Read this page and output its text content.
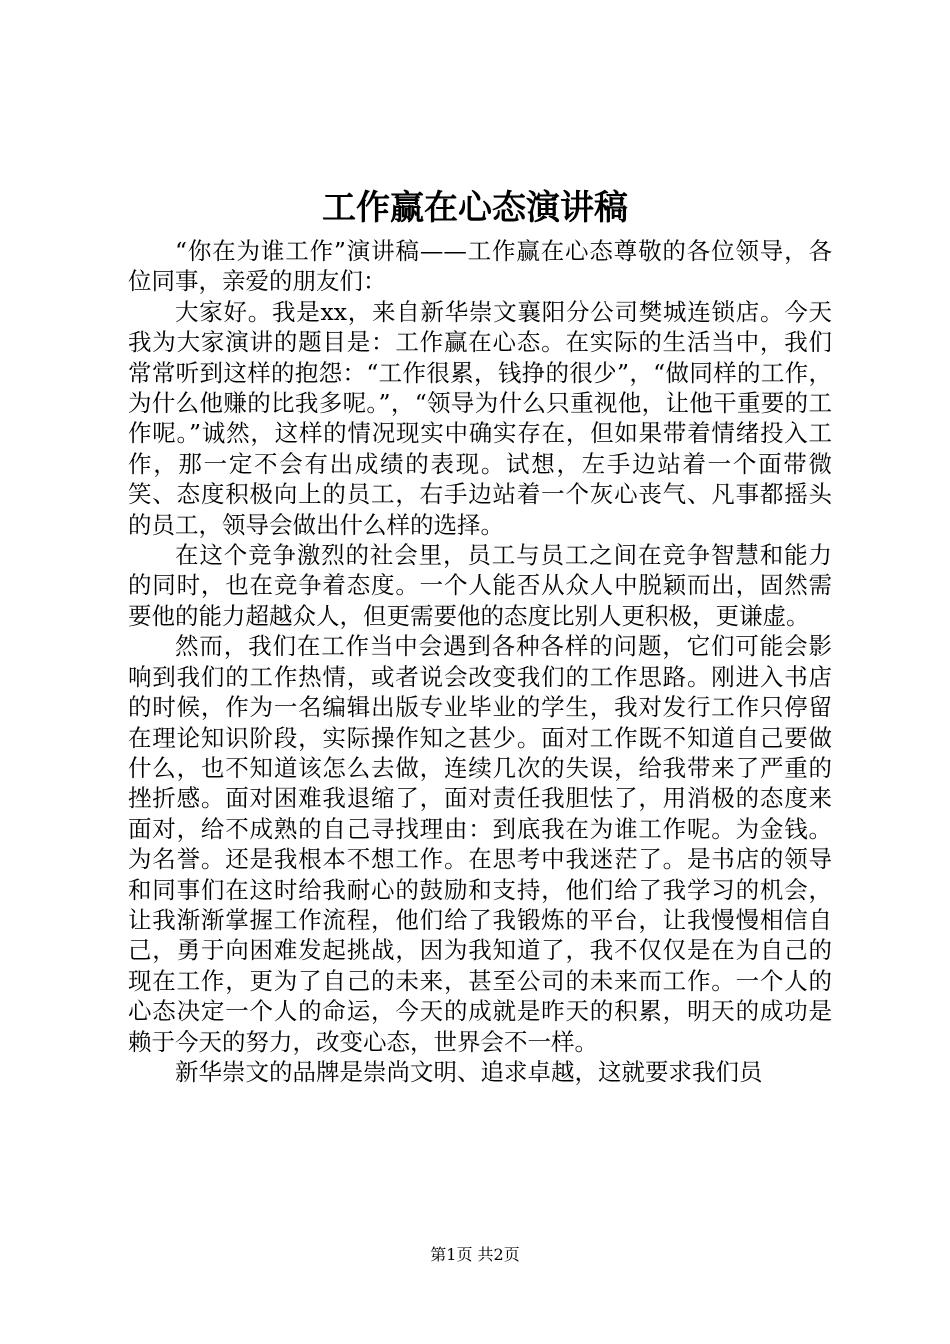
工作赢在心态演讲稿

“你在为谁工作”演讲稿——工作赢在心态尊敬的各位领导，各位同事，亲爱的朋友们：

大家好。我是xx，来自新华崇文襄阳分公司樊城连锁店。今天我为大家演讲的题目是：工作赢在心态。在实际的生活当中，我们常常听到这样的抱怨：“工作很累，钱挣的很少”，“做同样的工作，为什么他赚的比我多呢。”，“领导为什么只重视他，让他干重要的工作呢。”诚然，这样的情况现实中确实存在，但如果带着情绪投入工作，那一定不会有出成绩的表现。试想，左手边站着一个面带微笑、态度积极向上的员工，右手边站着一个灰心丧气、凡事都摇头的员工，领导会做出什么样的选择。

在这个竞争激烈的社会里，员工与员工之间在竞争智慧和能力的同时，也在竞争着态度。一个人能否从众人中脱颖而出，固然需要他的能力超越众人，但更需要他的态度比别人更积极，更谦虚。

然而，我们在工作当中会遇到各种各样的问题，它们可能会影响到我们的工作热情，或者说会改变我们的工作思路。刚进入书店的时候，作为一名编辑出版专业毕业的学生，我对发行工作只停留在理论知识阶段，实际操作知之甚少。面对工作既不知道自己要做什么，也不知道该怎么去做，连续几次的失误，给我带来了严重的挫折感。面对困难我退缩了，面对责任我胆怯了，用消极的态度来面对，给不成熟的自己寻找理由：到底我在为谁工作呢。为金钱。为名誉。还是我根本不想工作。在思考中我迷茫了。是书店的领导和同事们在这时给我耐心的鼓励和支持，他们给了我学习的机会，让我渐渐掌握工作流程，他们给了我锻炼的平台，让我慢慢相信自己，勇于向困难发起挑战，因为我知道了，我不仅仅是在为自己的现在工作，更为了自己的未来，甚至公司的未来而工作。一个人的心态决定一个人的命运，今天的成就是昨天的积累，明天的成功是赖于今天的努力，改变心态，世界会不一样。

新华崇文的品牌是崇尚文明、追求卓越，这就要求我们员

第1页 共2页
